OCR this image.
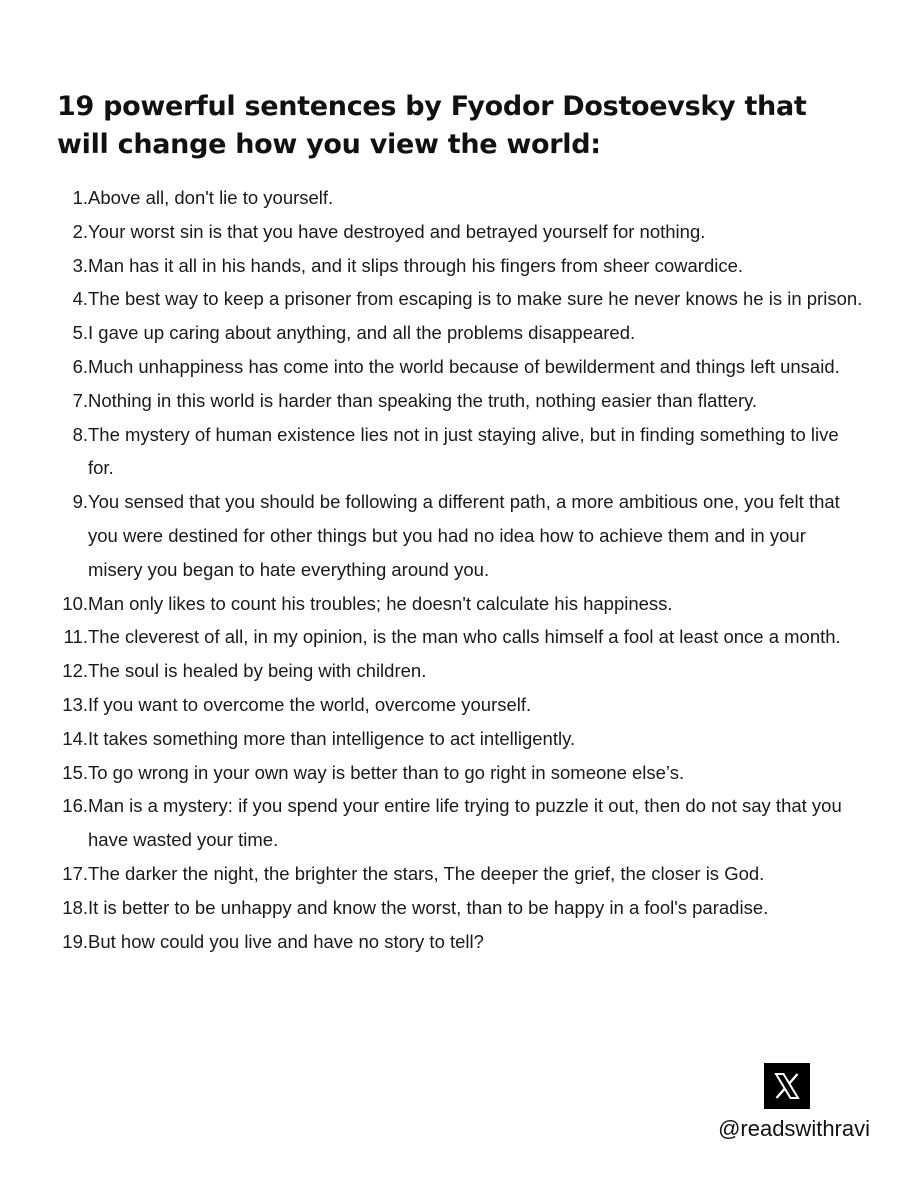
19 powerful sentences by Fyodor Dostoevsky that will change how you view the world:
1. Above all, don't lie to yourself.
2. Your worst sin is that you have destroyed and betrayed yourself for nothing.
3. Man has it all in his hands, and it slips through his fingers from sheer cowardice.
4. The best way to keep a prisoner from escaping is to make sure he never knows he is in prison.
5. I gave up caring about anything, and all the problems disappeared.
6. Much unhappiness has come into the world because of bewilderment and things left unsaid.
7. Nothing in this world is harder than speaking the truth, nothing easier than flattery.
8. The mystery of human existence lies not in just staying alive, but in finding something to live for.
9. You sensed that you should be following a different path, a more ambitious one, you felt that you were destined for other things but you had no idea how to achieve them and in your misery you began to hate everything around you.
10. Man only likes to count his troubles; he doesn't calculate his happiness.
11. The cleverest of all, in my opinion, is the man who calls himself a fool at least once a month.
12. The soul is healed by being with children.
13. If you want to overcome the world, overcome yourself.
14. It takes something more than intelligence to act intelligently.
15. To go wrong in your own way is better than to go right in someone else’s.
16. Man is a mystery: if you spend your entire life trying to puzzle it out, then do not say that you have wasted your time.
17. The darker the night, the brighter the stars, The deeper the grief, the closer is God.
18. It is better to be unhappy and know the worst, than to be happy in a fool's paradise.
19. But how could you live and have no story to tell?
@readswithravi
